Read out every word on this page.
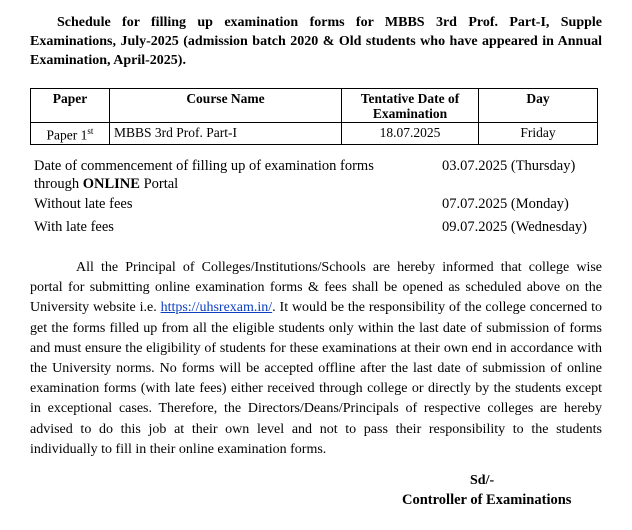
Schedule for filling up examination forms for MBBS 3rd Prof. Part-I, Supple Examinations, July-2025 (admission batch 2020 & Old students who have appeared in Annual Examination, April-2025).
Paper	Course Name	Tentative Date of Examination	Day
Paper 1st	MBBS 3rd Prof. Part-I	18.07.2025	Friday
Date of commencement of filling up of examination forms
through ONLINE Portal
03.07.2025 (Thursday)
Without late fees	07.07.2025 (Monday)
With late fees	09.07.2025 (Wednesday)
All the Principal of Colleges/Institutions/Schools are hereby informed that college wise portal for submitting online examination forms & fees shall be opened as scheduled above on the University website i.e. https://uhsrexam.in/. It would be the responsibility of the college concerned to get the forms filled up from all the eligible students only within the last date of submission of forms and must ensure the eligibility of students for these examinations at their own end in accordance with the University norms. No forms will be accepted offline after the last date of submission of online examination forms (with late fees) either received through college or directly by the students except in exceptional cases. Therefore, the Directors/Deans/Principals of respective colleges are hereby advised to do this job at their own level and not to pass their responsibility to the students individually to fill in their online examination forms.
Sd/-
Controller of Examinations
